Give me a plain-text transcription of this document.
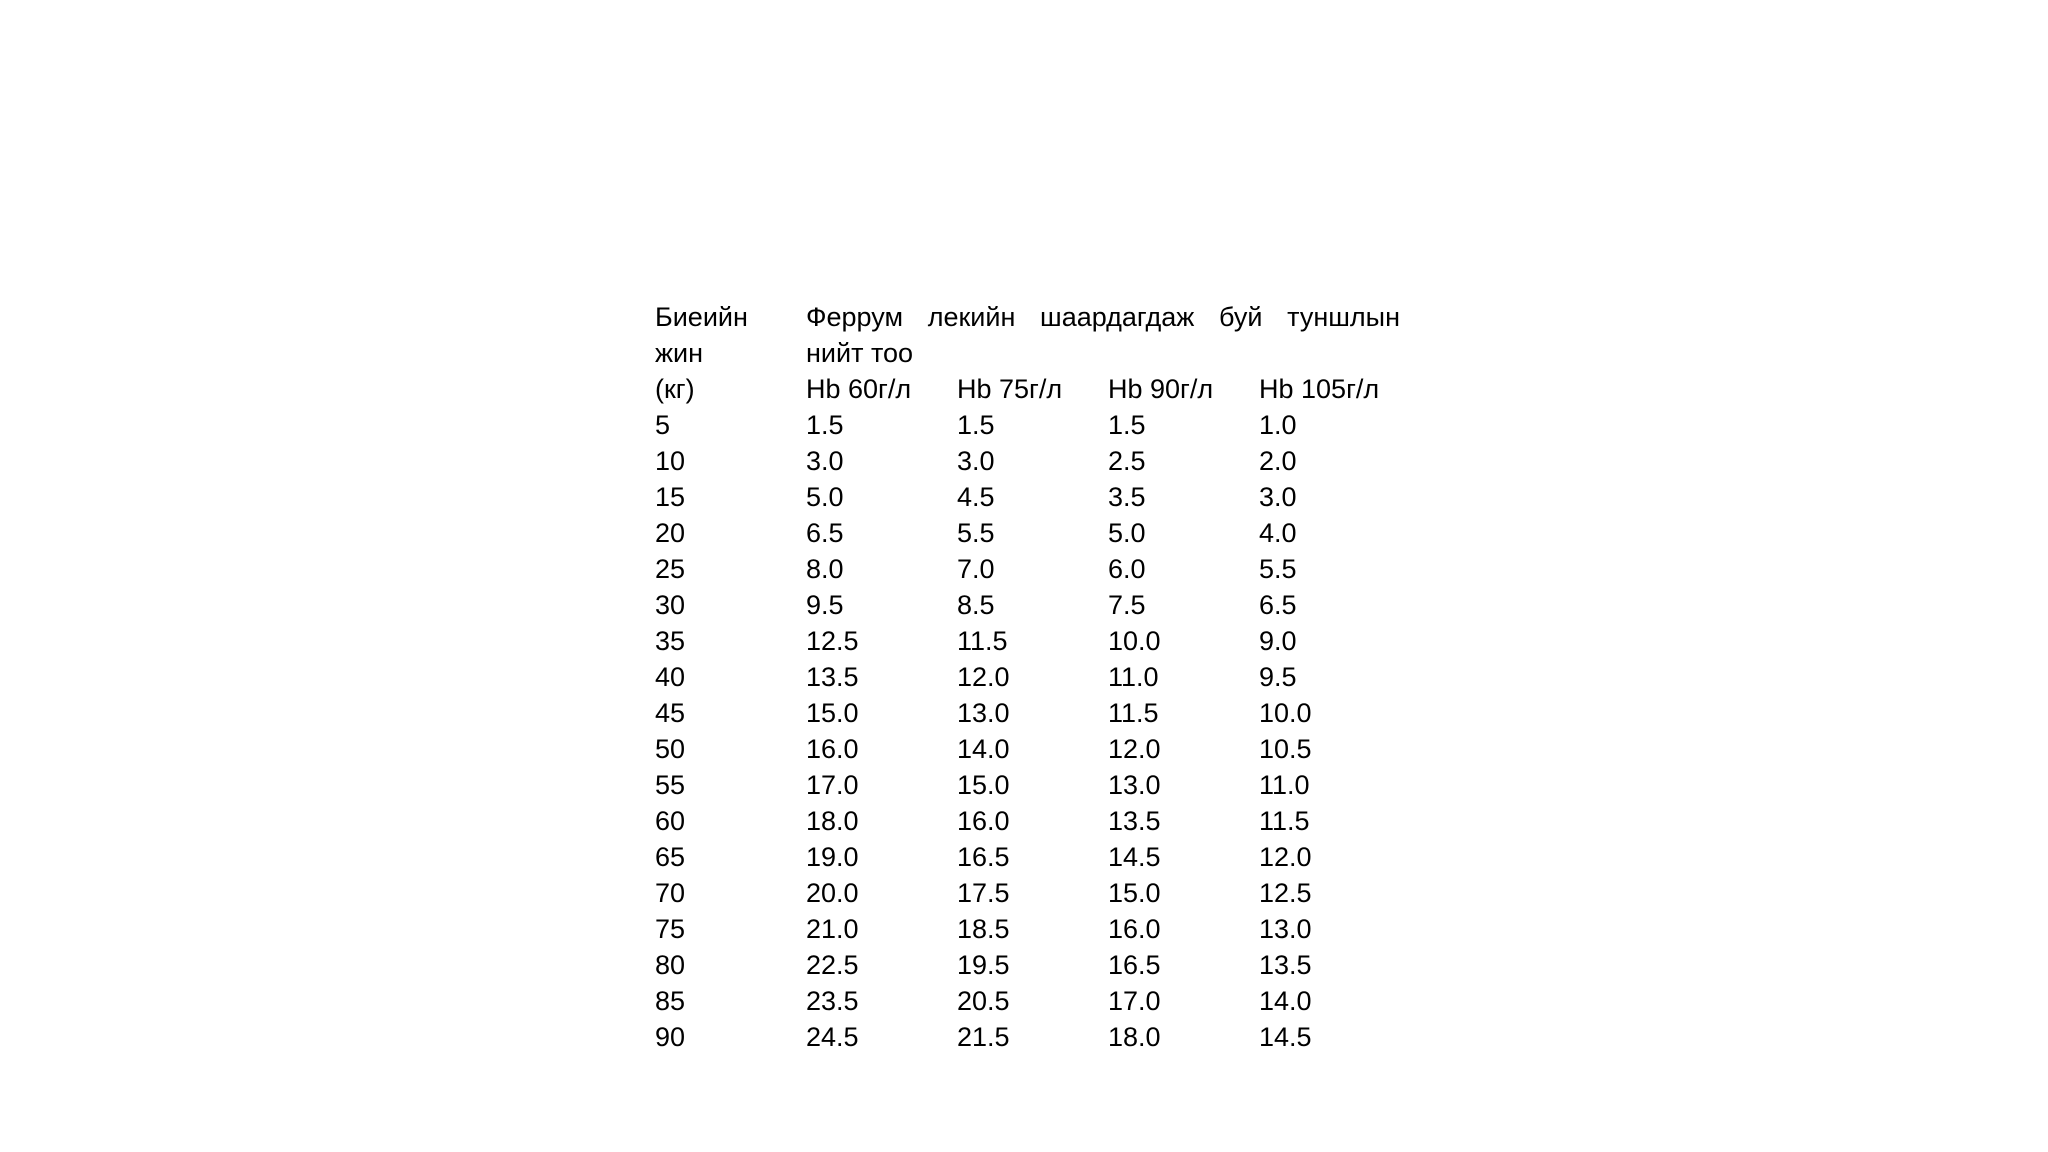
Биеийн	Феррум лекийн шаардагдаж буй туншлын
жин	нийт тоо
(кг)	Hb 60г/л	Hb 75г/л	Hb 90г/л	Hb 105г/л
5	1.5	1.5	1.5	1.0
10	3.0	3.0	2.5	2.0
15	5.0	4.5	3.5	3.0
20	6.5	5.5	5.0	4.0
25	8.0	7.0	6.0	5.5
30	9.5	8.5	7.5	6.5
35	12.5	11.5	10.0	9.0
40	13.5	12.0	11.0	9.5
45	15.0	13.0	11.5	10.0
50	16.0	14.0	12.0	10.5
55	17.0	15.0	13.0	11.0
60	18.0	16.0	13.5	11.5
65	19.0	16.5	14.5	12.0
70	20.0	17.5	15.0	12.5
75	21.0	18.5	16.0	13.0
80	22.5	19.5	16.5	13.5
85	23.5	20.5	17.0	14.0
90	24.5	21.5	18.0	14.5
